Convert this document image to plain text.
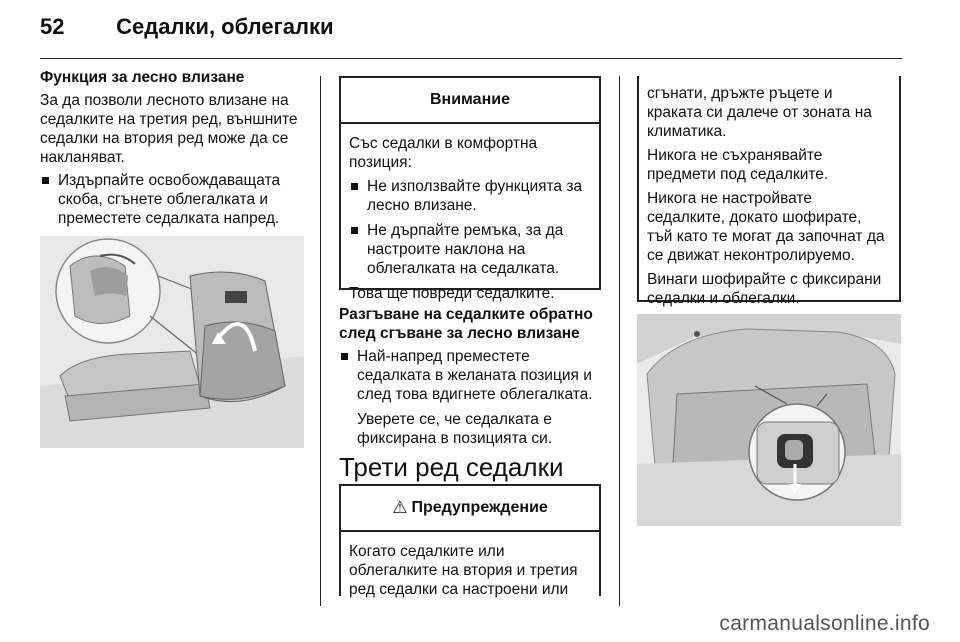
52 Седалки, облегалки

Функция за лесно влизане

За да позволи лесното влизане на седалките на третия ред, външните седалки на втория ред може да се накланяват.

Издърпайте освобождаващата скоба, сгънете облегалката и преместете седалката напред.
Внимание

Със седалки в комфортна позиция:

Не използвайте функцията за лесно влизане.
Не дърпайте ремъка, за да настроите наклона на облегалката на седалката.

Това ще повреди седалките.

Разгъване на седалките обратно след сгъване за лесно влизане

Най-напред преместете седалката в желаната позиция и след това вдигнете облегалката.

Уверете се, че седалката е фиксирана в позицията си.

Трети ред седалки
⚠ Предупреждение

Когато седалките или облегалките на втория и третия ред седалки са настроени или

сгънати, дръжте ръцете и краката си далече от зоната на климатика.

Никога не съхранявайте предмети под седалките.

Никога не настройвате седалките, докато шофирате, тъй като те могат да започнат да се движат неконтролируемо.

Винаги шофирайте с фиксирани седалки и облегалки.

carmanualsonline.info
